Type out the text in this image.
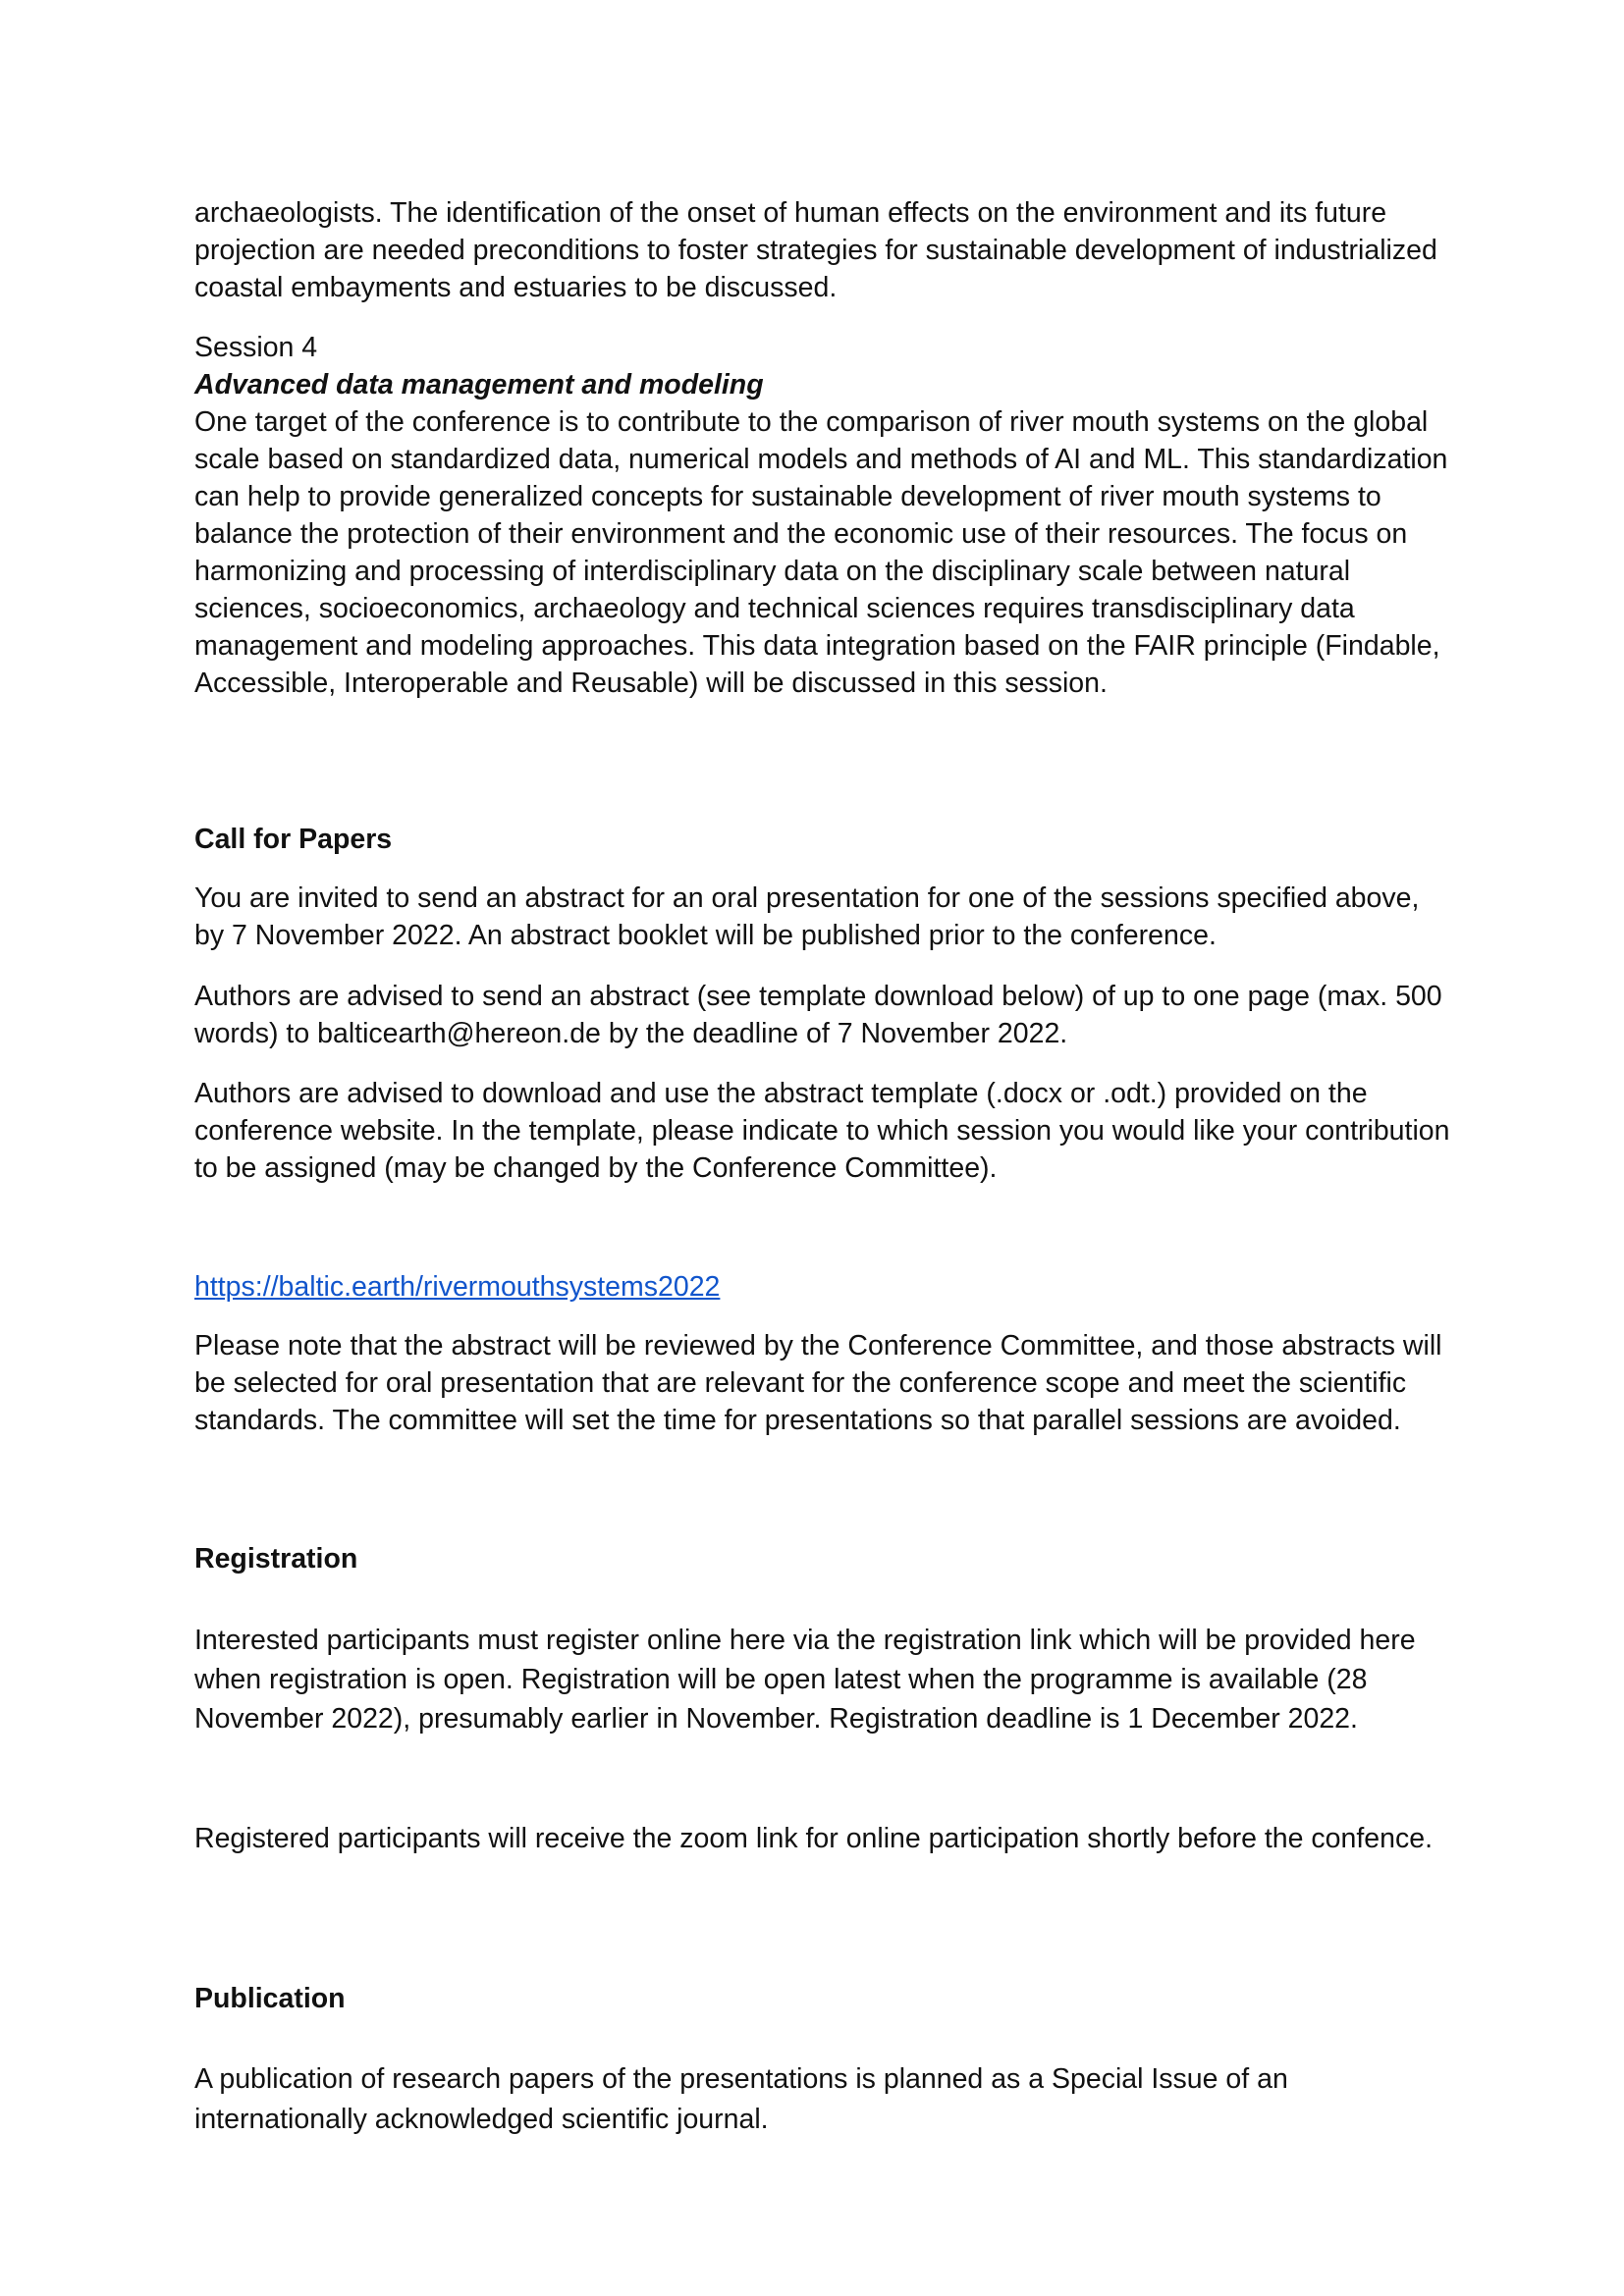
archaeologists. The identification of the onset of human effects on the environment and its future projection are needed preconditions to foster strategies for sustainable development of industrialized coastal embayments and estuaries to be discussed.

Session 4

Advanced data management and modeling

One target of the conference is to contribute to the comparison of river mouth systems on the global scale based on standardized data, numerical models and methods of AI and ML. This standardization can help to provide generalized concepts for sustainable development of river mouth systems to balance the protection of their environment and the economic use of their resources. The focus on harmonizing and processing of interdisciplinary data on the disciplinary scale between natural sciences, socioeconomics, archaeology and technical sciences requires transdisciplinary data management and modeling approaches. This data integration based on the FAIR principle (Findable, Accessible, Interoperable and Reusable) will be discussed in this session.

Call for Papers

You are invited to send an abstract for an oral presentation for one of the sessions specified above, by 7 November 2022. An abstract booklet will be published prior to the conference.

Authors are advised to send an abstract (see template download below) of up to one page (max. 500 words) to balticearth@hereon.de by the deadline of 7 November 2022.

Authors are advised to download and use the abstract template (.docx or .odt.) provided on the conference website. In the template, please indicate to which session you would like your contribution to be assigned (may be changed by the Conference Committee).

https://baltic.earth/rivermouthsystems2022

Please note that the abstract will be reviewed by the Conference Committee, and those abstracts will be selected for oral presentation that are relevant for the conference scope and meet the scientific standards. The committee will set the time for presentations so that parallel sessions are avoided.

Registration

Interested participants must register online here via the registration link which will be provided here when registration is open. Registration will be open latest when the programme is available (28 November 2022), presumably earlier in November. Registration deadline is 1 December 2022.

Registered participants will receive the zoom link for online participation shortly before the confence.

Publication

A publication of research papers of the presentations is planned as a Special Issue of an internationally acknowledged scientific journal.
